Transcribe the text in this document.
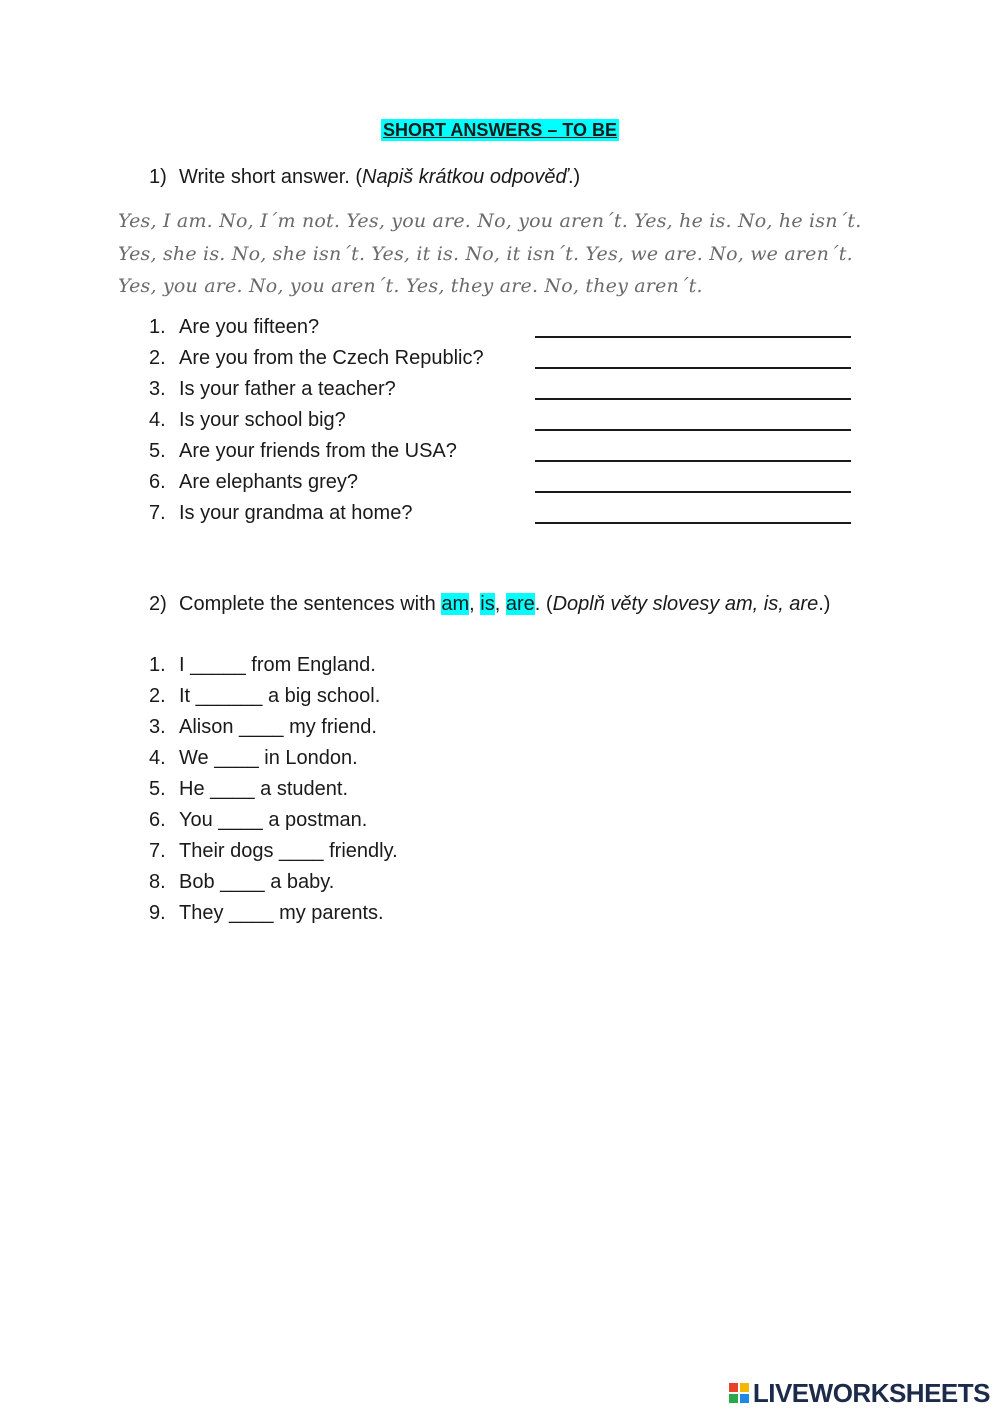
SHORT ANSWERS – TO BE
1) Write short answer. (Napiš krátkou odpověď.)
Yes, I am. No, I´m not. Yes, you are. No, you aren´t. Yes, he is. No, he isn´t.
Yes, she is. No, she isn´t. Yes, it is. No, it isn´t. Yes, we are. No, we aren´t.
Yes, you are. No, you aren´t. Yes, they are. No, they aren´t.
1. Are you fifteen?
2. Are you from the Czech Republic?
3. Is your father a teacher?
4. Is your school big?
5. Are your friends from the USA?
6. Are elephants grey?
7. Is your grandma at home?
2) Complete the sentences with am, is, are. (Doplň věty slovesy am, is, are.)
1. I _____ from England.
2. It ______ a big school.
3. Alison ____ my friend.
4. We ____ in London.
5. He ____ a student.
6. You ____ a postman.
7. Their dogs ____ friendly.
8. Bob ____ a baby.
9. They ____ my parents.
LIVEWORKSHEETS
